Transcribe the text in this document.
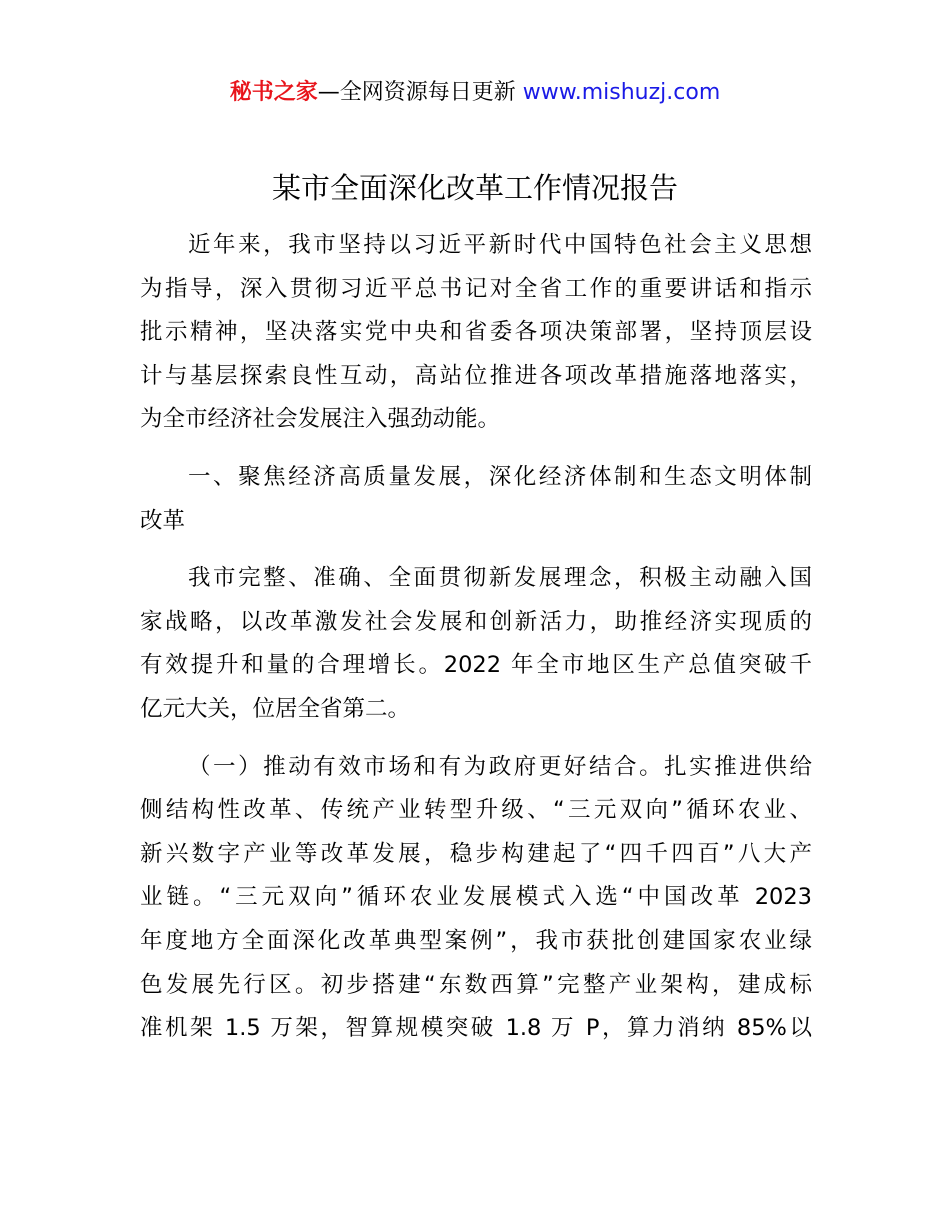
秘书之家—全网资源每日更新 www.mishuzj.com
某市全面深化改革工作情况报告

近年来，我市坚持以习近平新时代中国特色社会主义思想
为指导，深入贯彻习近平总书记对全省工作的重要讲话和指示
批示精神，坚决落实党中央和省委各项决策部署，坚持顶层设
计与基层探索良性互动，高站位推进各项改革措施落地落实，
为全市经济社会发展注入强劲动能。

一、聚焦经济高质量发展，深化经济体制和生态文明体制
改革

我市完整、准确、全面贯彻新发展理念，积极主动融入国
家战略，以改革激发社会发展和创新活力，助推经济实现质的
有效提升和量的合理增长。2022 年全市地区生产总值突破千
亿元大关，位居全省第二。

（一）推动有效市场和有为政府更好结合。扎实推进供给
侧结构性改革、传统产业转型升级、“三元双向”循环农业、
新兴数字产业等改革发展，稳步构建起了“四千四百”八大产
业链。“三元双向”循环农业发展模式入选“中国改革 2023
年度地方全面深化改革典型案例”，我市获批创建国家农业绿
色发展先行区。初步搭建“东数西算”完整产业架构，建成标
准机架 1.5 万架，智算规模突破 1.8 万 P，算力消纳 85%以
